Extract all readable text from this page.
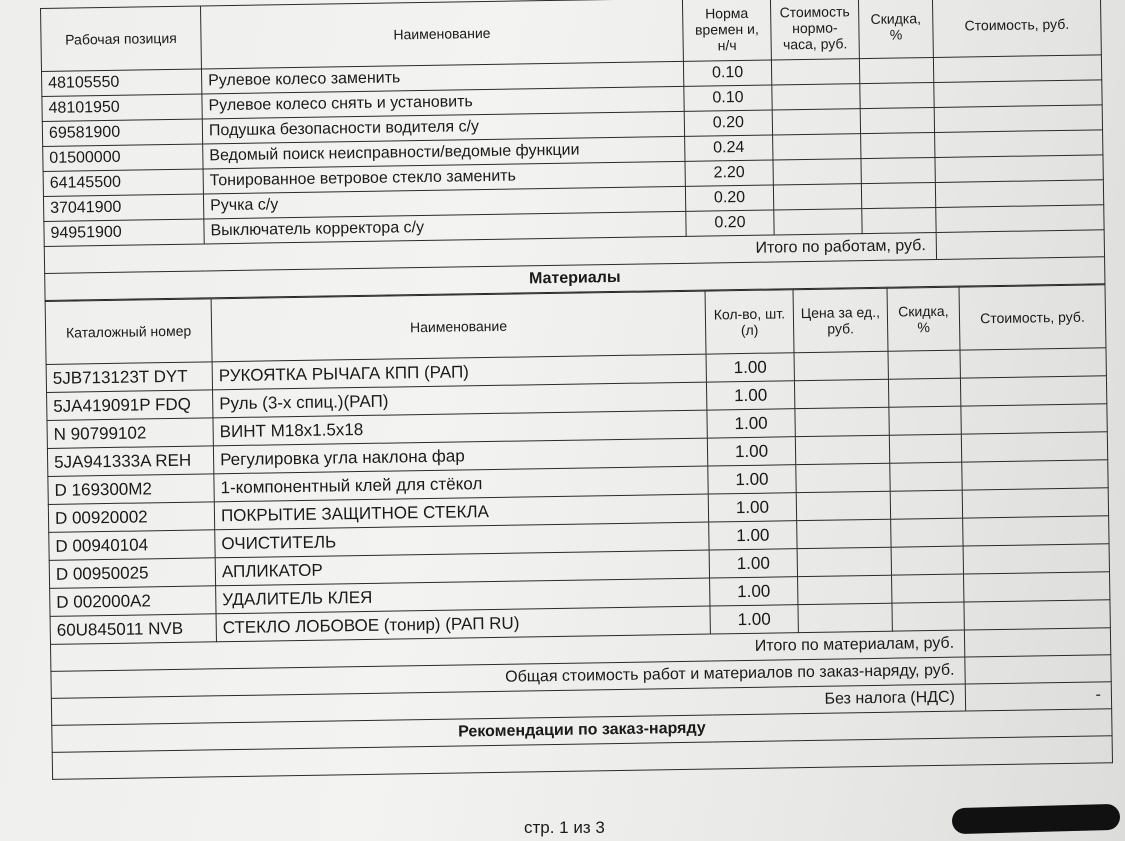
Рабочая позиция	Наименование	Норма времен и, н/ч	Стоимость нормо-часа, руб.	Скидка, %	Стоимость, руб.
48105550	Рулевое колесо заменить	0.10			
48101950	Рулевое колесо снять и установить	0.10			
69581900	Подушка безопасности водителя с/у	0.20			
01500000	Ведомый поиск неисправности/ведомые функции	0.24			
64145500	Тонированное ветровое стекло заменить	2.20			
37041900	Ручка с/у	0.20			
94951900	Выключатель корректора с/у	0.20			
Итого по работам, руб.					
Материалы					
Каталожный номер	Наименование	Кол-во, шт. (л)	Цена за ед., руб.	Скидка, %	Стоимость, руб.
5JB713123T DYT	РУКОЯТКА РЫЧАГА КПП (РАП)	1.00			
5JA419091P FDQ	Руль (3-х спиц.)(РАП)	1.00			
N 90799102	ВИНТ М18х1.5х18	1.00			
5JA941333A REH	Регулировка угла наклона фар	1.00			
D 169300M2	1-компонентный клей для стёкол	1.00			
D 00920002	ПОКРЫТИЕ ЗАЩИТНОЕ СТЕКЛА	1.00			
D 00940104	ОЧИСТИТЕЛЬ	1.00			
D 00950025	АПЛИКАТОР	1.00			
D 002000A2	УДАЛИТЕЛЬ КЛЕЯ	1.00			
60U845011 NVB	СТЕКЛО ЛОБОВОЕ (тонир) (РАП RU)	1.00			
Итого по материалам, руб.					
Общая стоимость работ и материалов по заказ-наряду, руб.					
Без налога (НДС)					-
Рекомендации по заказ-наряду					

стр. 1 из 3
